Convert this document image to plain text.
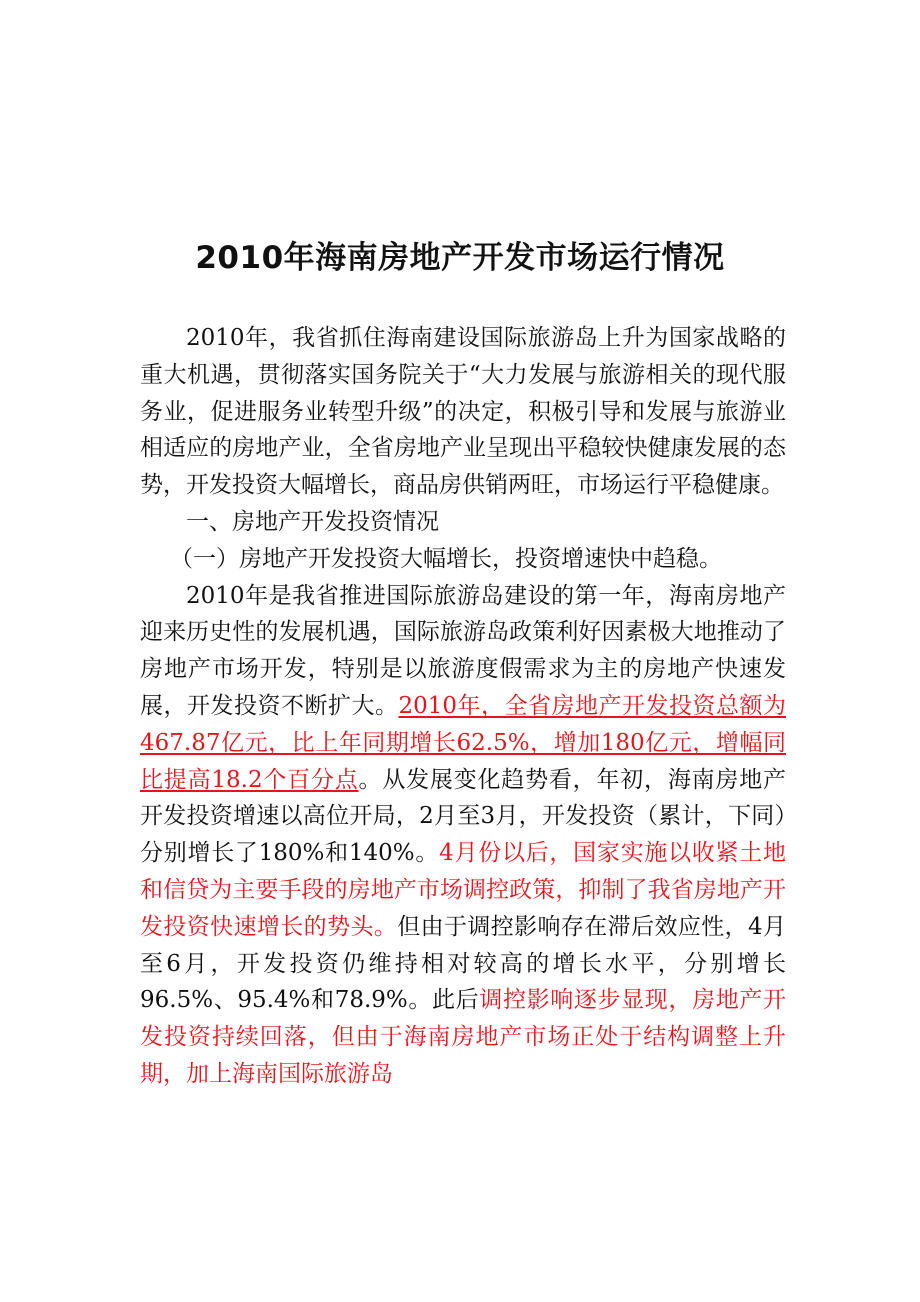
2010年海南房地产开发市场运行情况

2010年，我省抓住海南建设国际旅游岛上升为国家战略的重大机遇，贯彻落实国务院关于“大力发展与旅游相关的现代服务业，促进服务业转型升级”的决定，积极引导和发展与旅游业相适应的房地产业，全省房地产业呈现出平稳较快健康发展的态势，开发投资大幅增长，商品房供销两旺，市场运行平稳健康。

一、房地产开发投资情况

（一）房地产开发投资大幅增长，投资增速快中趋稳。

2010年是我省推进国际旅游岛建设的第一年，海南房地产迎来历史性的发展机遇，国际旅游岛政策利好因素极大地推动了房地产市场开发，特别是以旅游度假需求为主的房地产快速发展，开发投资不断扩大。2010年，全省房地产开发投资总额为467.87亿元，比上年同期增长62.5%，增加180亿元，增幅同比提高18.2个百分点。从发展变化趋势看，年初，海南房地产开发投资增速以高位开局，2月至3月，开发投资（累计，下同）分别增长了180%和140%。4月份以后，国家实施以收紧土地和信贷为主要手段的房地产市场调控政策，抑制了我省房地产开发投资快速增长的势头。但由于调控影响存在滞后效应性，4月至6月，开发投资仍维持相对较高的增长水平，分别增长96.5%、95.4%和78.9%。此后调控影响逐步显现，房地产开发投资持续回落，但由于海南房地产市场正处于结构调整上升期，加上海南国际旅游岛
